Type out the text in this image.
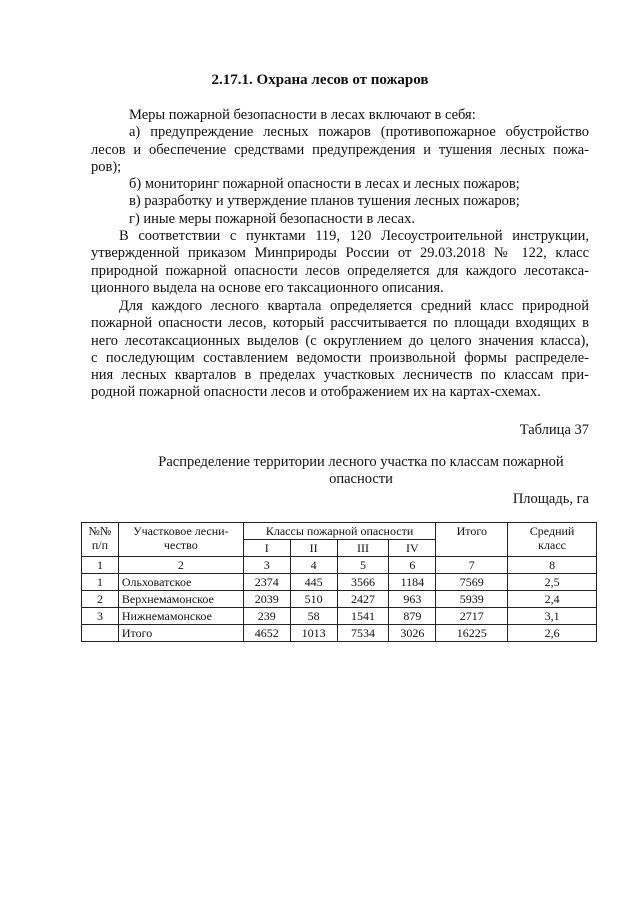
2.17.1. Охрана лесов от пожаров

Меры пожарной безопасности в лесах включают в себя:

а) предупреждение лесных пожаров (противопожарное обустройство

лесов и обеспечение средствами предупреждения и тушения лесных пожа-

ров);

б) мониторинг пожарной опасности в лесах и лесных пожаров;

в) разработку и утверждение планов тушения лесных пожаров;

г) иные меры пожарной безопасности в лесах.

В соответствии с пунктами 119, 120 Лесоустроительной инструкции,

утвержденной приказом Минприроды России от 29.03.2018 № 122, класс

природной пожарной опасности лесов определяется для каждого лесотакса-

ционного выдела на основе его таксационного описания.

Для каждого лесного квартала определяется средний класс природной

пожарной опасности лесов, который рассчитывается по площади входящих в

него лесотаксационных выделов (с округлением до целого значения класса),

с последующим составлением ведомости произвольной формы распределе-

ния лесных кварталов в пределах участковых лесничеств по классам при-

родной пожарной опасности лесов и отображением их на картах-схемах.

Таблица 37
Распределение территории лесного участка по классам пожарной
опасности
Площадь, га
№№
п/п	Участковое лесни-
чество	Классы пожарной опасности				Итого	Средний
класс

		I	II	III	IV		
1	2	3	4	5	6	7	8
1	Ольховатское	2374	445	3566	1184	7569	2,5
2	Верхнемамонское	2039	510	2427	963	5939	2,4
3	Нижнемамонское	239	58	1541	879	2717	3,1
	Итого	4652	1013	7534	3026	16225	2,6
